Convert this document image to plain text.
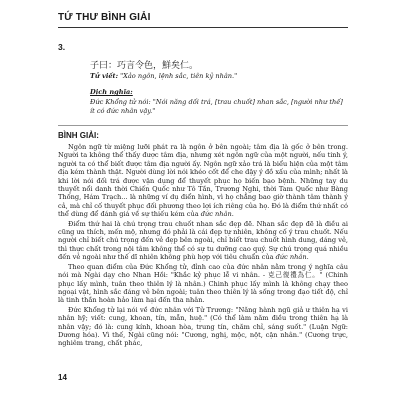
TỨ THƯ BÌNH GIẢI
3.
子曰：巧言令色，鮮矣仁。
Tử viết: "Xảo ngôn, lệnh sắc, tiên kỷ nhân."
Dịch nghĩa:
Đức Khổng tử nói: "Nói năng dối trá, [trau chuốt] nhan sắc, [người như thế] ít có đức nhân vậy."
BÌNH GIẢI:

Ngôn ngữ từ miệng lưỡi phát ra là ngôn ở bên ngoài; tâm địa là gốc ở bên trong. Người ta không thể thấy được tâm địa, nhưng xét ngôn ngữ của một người, nếu tinh ý, người ta có thể biết được tâm địa người ấy. Ngôn ngữ xảo trá là biểu hiện của một tâm địa kém thành thật. Người dùng lời nói khéo cốt để che đậy ý đồ xấu của mình; nhất là khi lời nói đối trá được vận dụng để thuyết phục họ biến bạo bệnh. Những tay du thuyết nổi danh thời Chiến Quốc như Tô Tần, Trương Nghi, thời Tam Quốc như Bàng Thống, Hám Trạch... là những ví dụ điển hình, vì họ chẳng bao giờ thành tâm thành ý cả, mà chỉ cố thuyết phục đối phương theo lợi ích riêng của họ. Đó là điểm thứ nhất có thể dùng để đánh giá về sự thiếu kém của đức nhân.

Điểm thứ hai là chú trọng trau chuốt nhan sắc đẹp đẽ. Nhan sắc đẹp đẽ là điều ai cũng ưa thích, mến mộ, nhưng đó phải là cái đẹp tự nhiên, không cố ý trau chuốt. Nếu người chỉ biết chú trọng đến vẻ đẹp bên ngoài, chỉ biết trau chuốt hình dung, dáng vẻ, thì thực chất trong nội tâm không thể có sự tu dưỡng cao quý. Sự chú trọng quá nhiều đến vẻ ngoài như thế dĩ nhiên không phù hợp với tiêu chuẩn của đức nhân.

Theo quan điểm của Đức Khổng tử, đỉnh cao của đức nhân nằm trong ý nghĩa câu nói mà Ngài dạy cho Nhan Hồi: "Khắc kỷ phục lễ vi nhân. - 克己復禮為仁。" (Chinh phục lấy mình, tuân theo thiên lý là nhân.) Chinh phục lấy mình là không chạy theo ngoại vật, hình sắc đáng vẻ bên ngoài; tuân theo thiên lý là sống trong đạo tiết độ, chỉ là tinh thần hoàn hảo làm hại đến tha nhân.

Đức Khổng tử lại nói về đức nhân với Tử Trương: "Năng hành ngũ giả ư thiên hạ vi nhân hỹ; viết: cung, khoan, tín, mẫn, huệ." (Có thể làm năm điều trong thiên hạ là nhân vậy; đó là: cung kính, khoan hòa, trung tín, chăm chỉ, sáng suốt." (Luận Ngữ: Dương hóa). Vì thế, Ngài cũng nói: "Cương, nghị, mộc, nột, cận nhân." (Cương trực, nghiêm trang, chất phác,

14
